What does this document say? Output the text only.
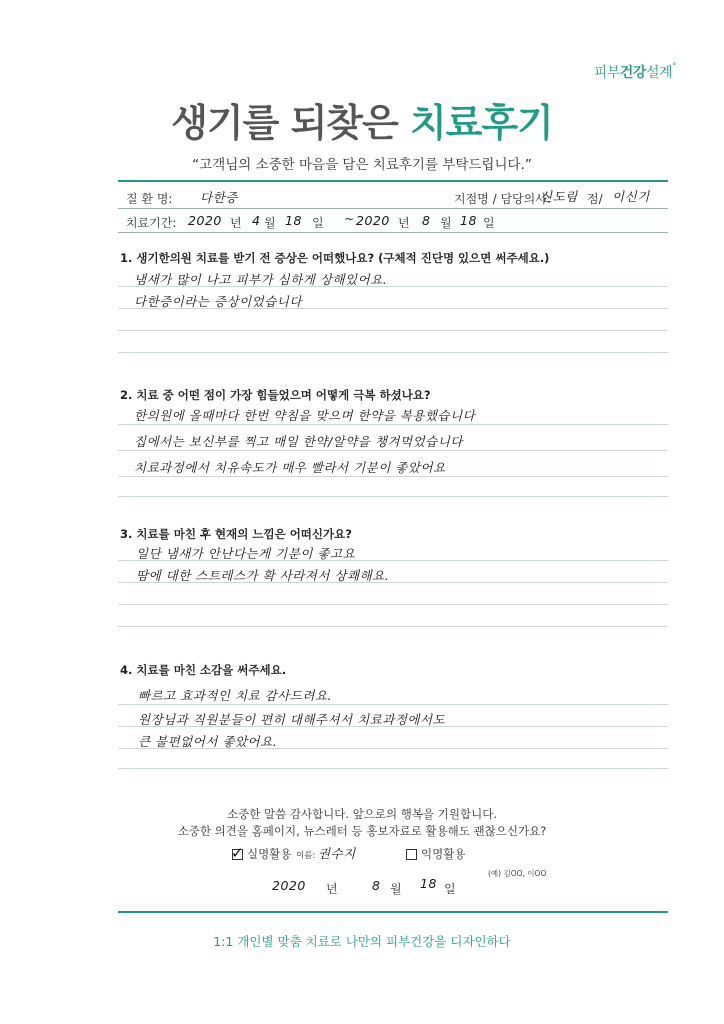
피부건강설계°
생기를 되찾은 치료후기
“고객님의 소중한 마음을 담은 치료후기를 부탁드립니다.”
질 환 명: 다한증	지점명 / 담당의사:
신도림 점/ 이신기
치료기간: 2020 년 4 월 18 일 ~ 2020 년 8 월 18 일
1. 생기한의원 치료를 받기 전 증상은 어떠했나요? (구체적 진단명 있으면 써주세요.)
냄새가 많이 나고 피부가 심하게 상해있어요.
다한증이라는 증상이었습니다
2. 치료 중 어떤 점이 가장 힘들었으며 어떻게 극복 하셨나요?
한의원에 올때마다 한번 약침을 맞으며 한약을 복용했습니다
집에서는 보신부를 찍고 매일 한약/알약을 챙겨먹었습니다
치료과정에서 치유속도가 매우 빨라서 기분이 좋았어요
3. 치료를 마친 후 현재의 느낌은 어떠신가요?
일단 냄새가 안난다는게 기분이 좋고요
땀에 대한 스트레스가 확 사라져서 상쾌해요.
4. 치료를 마친 소감을 써주세요.
빠르고 효과적인 치료 감사드려요.
원장님과 직원분들이 편히 대해주셔서 치료과정에서도
큰 불편없어서 좋았어요.
소중한 말씀 감사합니다. 앞으로의 행복을 기원합니다.
소중한 의견을 홈페이지, 뉴스레터 등 홍보자료로 활용해도 괜찮으신가요?
✓ 실명활용 이름: 권수지	익명활용
(예) 김OO, 이OO
2020 년	8 월 18 일
1:1 개인별 맞춤 치료로 나만의 피부건강을 디자인하다
